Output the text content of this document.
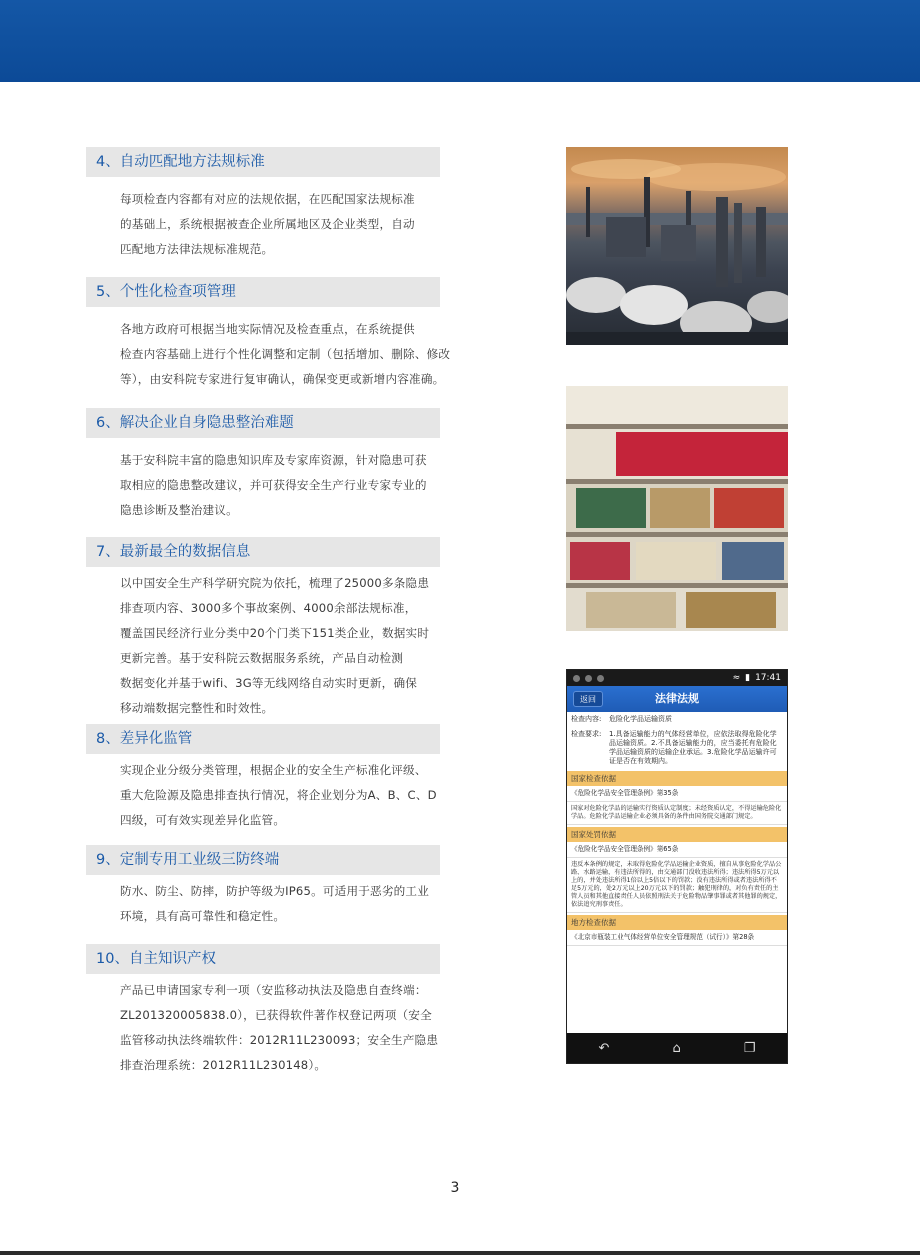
4、自动匹配地方法规标准
每项检查内容都有对应的法规依据，在匹配国家法规标准
的基础上，系统根据被查企业所属地区及企业类型，自动
匹配地方法律法规标准规范。
5、个性化检查项管理
各地方政府可根据当地实际情况及检查重点，在系统提供
检查内容基础上进行个性化调整和定制（包括增加、删除、修改
等），由安科院专家进行复审确认，确保变更或新增内容准确。
6、解决企业自身隐患整治难题
基于安科院丰富的隐患知识库及专家库资源，针对隐患可获
取相应的隐患整改建议，并可获得安全生产行业专家专业的
隐患诊断及整治建议。
7、最新最全的数据信息
以中国安全生产科学研究院为依托，梳理了25000多条隐患
排查项内容、3000多个事故案例、4000余部法规标准，
覆盖国民经济行业分类中20个门类下151类企业，数据实时
更新完善。基于安科院云数据服务系统，产品自动检测
数据变化并基于wifi、3G等无线网络自动实时更新，确保
移动端数据完整性和时效性。
8、差异化监管
实现企业分级分类管理，根据企业的安全生产标准化评级、
重大危险源及隐患排查执行情况，将企业划分为A、B、C、D
四级，可有效实现差异化监管。
9、定制专用工业级三防终端
防水、防尘、防摔，防护等级为IP65。可适用于恶劣的工业
环境，具有高可靠性和稳定性。
10、自主知识产权
产品已申请国家专利一项（安监移动执法及隐患自查终端：
ZL201320005838.0），已获得软件著作权登记两项（安全
监管移动执法终端软件：2012R11L230093；安全生产隐患
排查治理系统：2012R11L230148）。
≈ ▮ 17:41
返回	法律法规
检查内容:	危险化学品运输资质
检查要求:	1.具备运输能力的气体经营单位，应依法取得危险化学品运输资质。2.不具备运输能力的，应当委托有危险化学品运输资质的运输企业承运。3.危险化学品运输许可证是否在有效期内。
国家检查依据
《危险化学品安全管理条例》第35条
国家对危险化学品的运输实行资质认定制度；未经资质认定，不得运输危险化学品。危险化学品运输企业必须具备的条件由国务院交通部门规定。
国家处罚依据
《危险化学品安全管理条例》第65条
违反本条例的规定，未取得危险化学品运输企业资质，擅自从事危险化学品公路、水路运输，有违法所得的，由交通部门没收违法所得；违法所得5万元以上的，并处违法所得1倍以上5倍以下的罚款；没有违法所得或者违法所得不足5万元的，处2万元以上20万元以下的罚款；触犯刑律的，对负有责任的主管人员和其他直接责任人员依照刑法关于危险物品肇事罪或者其他罪的规定，依法追究刑事责任。
地方检查依据
《北京市瓶装工业气体经营单位安全管理规范（试行）》第28条
↶	⌂	❐
3
